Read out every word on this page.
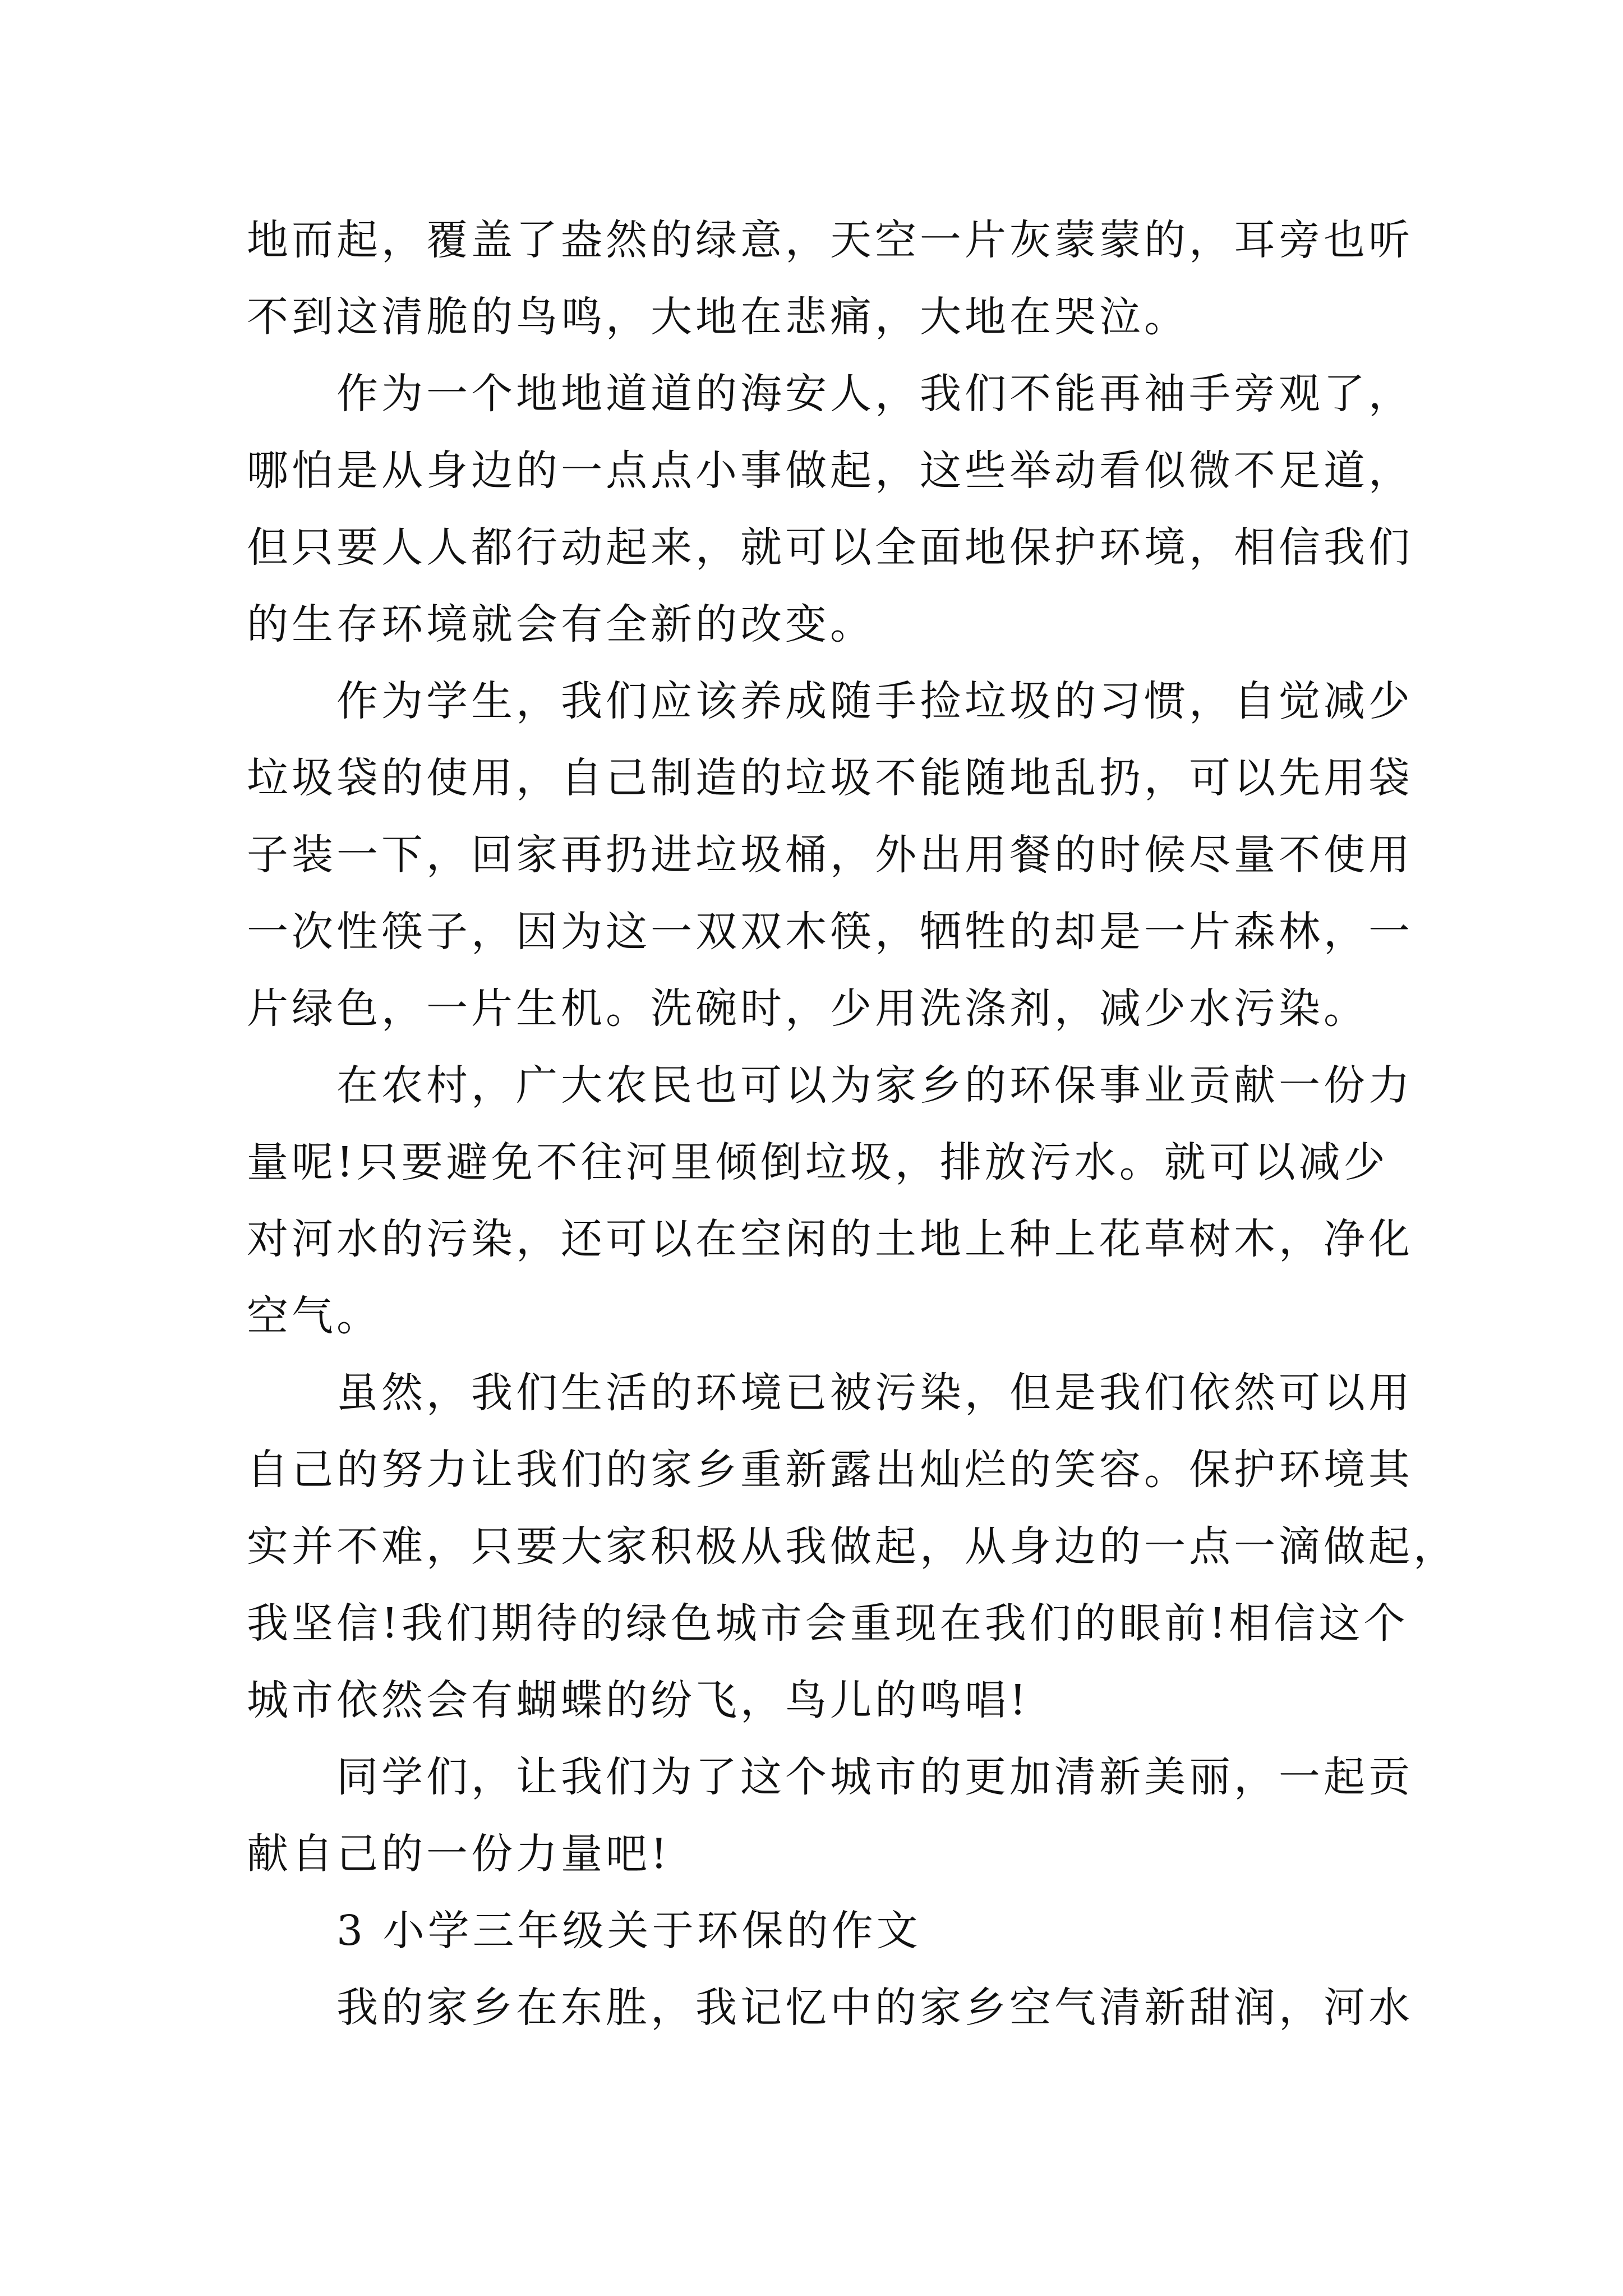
地而起，覆盖了盎然的绿意，天空一片灰蒙蒙的，耳旁也听
不到这清脆的鸟鸣，大地在悲痛，大地在哭泣。

作为一个地地道道的海安人，我们不能再袖手旁观了，
哪怕是从身边的一点点小事做起，这些举动看似微不足道，
但只要人人都行动起来，就可以全面地保护环境，相信我们
的生存环境就会有全新的改变。

作为学生，我们应该养成随手捡垃圾的习惯，自觉减少
垃圾袋的使用，自己制造的垃圾不能随地乱扔，可以先用袋
子装一下，回家再扔进垃圾桶，外出用餐的时候尽量不使用
一次性筷子，因为这一双双木筷，牺牲的却是一片森林，一
片绿色，一片生机。洗碗时，少用洗涤剂，减少水污染。

在农村，广大农民也可以为家乡的环保事业贡献一份力
量呢!只要避免不往河里倾倒垃圾，排放污水。就可以减少
对河水的污染，还可以在空闲的土地上种上花草树木，净化
空气。

虽然，我们生活的环境已被污染，但是我们依然可以用
自己的努力让我们的家乡重新露出灿烂的笑容。保护环境其
实并不难，只要大家积极从我做起，从身边的一点一滴做起，
我坚信!我们期待的绿色城市会重现在我们的眼前!相信这个
城市依然会有蝴蝶的纷飞，鸟儿的鸣唱!

同学们，让我们为了这个城市的更加清新美丽，一起贡
献自己的一份力量吧!

3 小学三年级关于环保的作文

我的家乡在东胜，我记忆中的家乡空气清新甜润，河水
